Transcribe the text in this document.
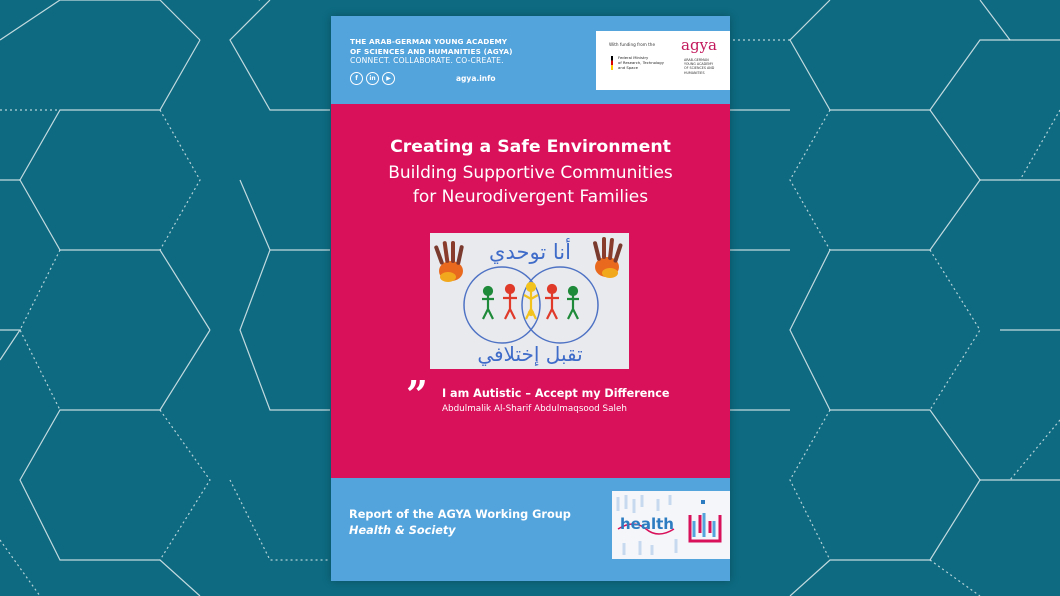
THE ARAB-GERMAN YOUNG ACADEMY
OF SCIENCES AND HUMANITIES (AGYA)
CONNECT. COLLABORATE. CO-CREATE.
f	in	▶	agya.info
With funding from the
Federal Ministry
of Research, Technology
and Space
agya
ARAB-GERMAN
YOUNG ACADEMY
OF SCIENCES AND
HUMANITIES
Creating a Safe Environment
Building Supportive Communities
for Neurodivergent Families
أنا توحدي
تقبل إختلافي
” I am Autistic – Accept my Difference
Abdulmalik Al-Sharif Abdulmaqsood Saleh
Report of the AGYA Working Group
Health & Society	health
